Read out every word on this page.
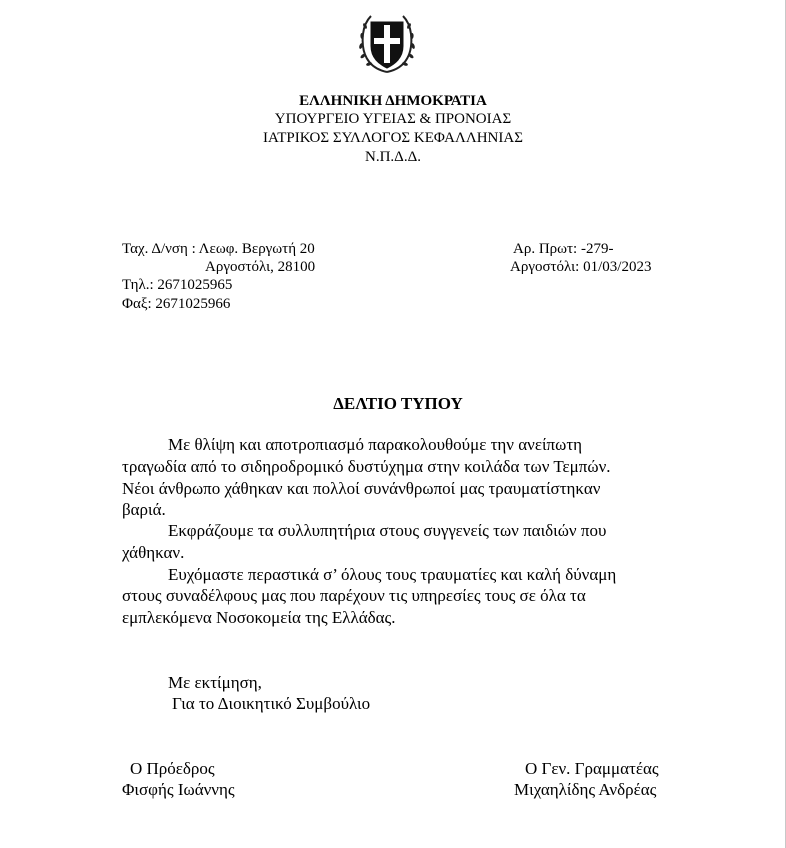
ΕΛΛΗΝΙΚΗ ΔΗΜΟΚΡΑΤΙΑ
ΥΠΟΥΡΓΕΙΟ ΥΓΕΙΑΣ & ΠΡΟΝΟΙΑΣ
ΙΑΤΡΙΚΟΣ ΣΥΛΛΟΓΟΣ ΚΕΦΑΛΛΗΝΙΑΣ
Ν.Π.Δ.Δ.
Ταχ. Δ/νση : Λεωφ. Βεργωτή 20
Αργοστόλι, 28100
Τηλ.: 2671025965
Φαξ: 2671025966
Αρ. Πρωτ: -279-
Αργοστόλι: 01/03/2023
ΔΕΛΤΙΟ ΤΥΠΟΥ
Με θλίψη και αποτροπιασμό παρακολουθούμε την ανείπωτη
τραγωδία από το σιδηροδρομικό δυστύχημα στην κοιλάδα των Τεμπών.
Νέοι άνθρωπο χάθηκαν και πολλοί συνάνθρωποί μας τραυματίστηκαν
βαριά.
Εκφράζουμε τα συλλυπητήρια στους συγγενείς των παιδιών που
χάθηκαν.
Ευχόμαστε περαστικά σ’ όλους τους τραυματίες και καλή δύναμη
στους συναδέλφους μας που παρέχουν τις υπηρεσίες τους σε όλα τα
εμπλεκόμενα Νοσοκομεία της Ελλάδας.
Με εκτίμηση,
Για το Διοικητικό Συμβούλιο
Ο Πρόεδρος
Φισφής Ιωάννης
Ο Γεν. Γραμματέας
Μιχαηλίδης Ανδρέας
